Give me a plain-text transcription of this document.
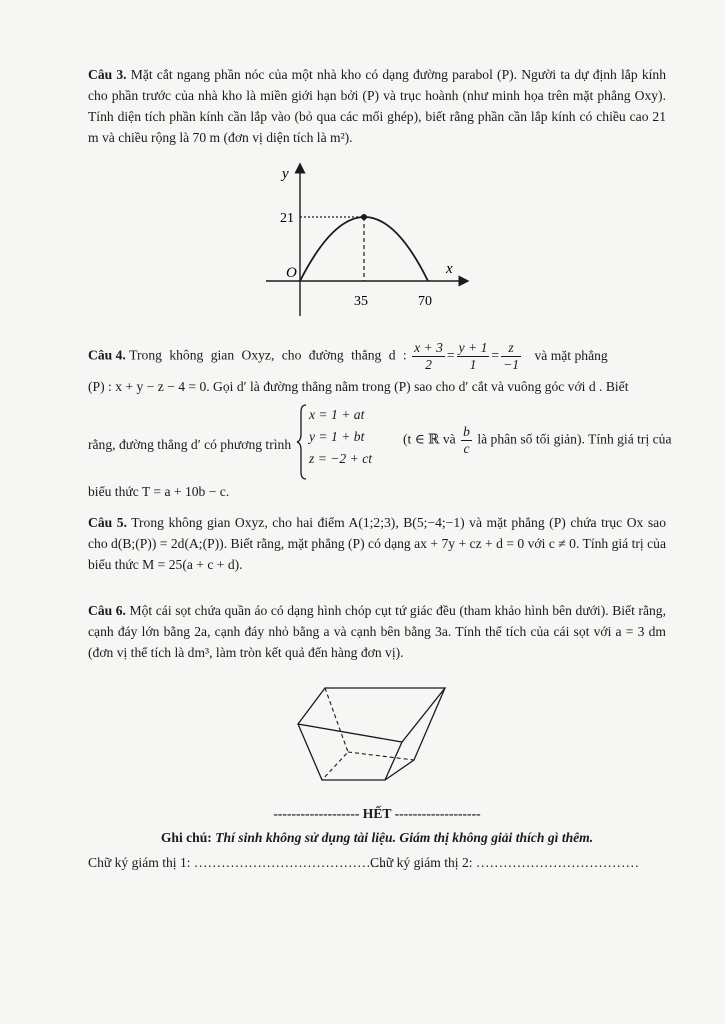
Câu 3. Mặt cắt ngang phần nóc của một nhà kho có dạng đường parabol (P). Người ta dự định lắp kính cho phần trước của nhà kho là miền giới hạn bởi (P) và trục hoành (như minh họa trên mặt phẳng Oxy). Tính diện tích phần kính cần lắp vào (bỏ qua các mối ghép), biết rằng phần cần lắp kính có chiều cao 21 m và chiều rộng là 70 m (đơn vị diện tích là m²).
y
x
O
21
35	70
Câu 4. Trong không gian Oxyz, cho đường thẳng d : $\frac{x + 3}{2} = \frac{y + 1}{1} = \frac{z}{-1}$ và mặt phẳng
(P) : x + y − z − 4 = 0. Gọi d′ là đường thẳng nằm trong (P) sao cho d′ cắt và vuông góc với d . Biết
rằng, đường thẳng d′ có phương trình
x = 1 + at
y = 1 + bt
z = −2 + ct
(t ∈ ℝ và $\frac{b}{c}$ là phân số tối giản). Tính giá trị của
biểu thức T = a + 10b − c.
Câu 5. Trong không gian Oxyz, cho hai điểm A(1;2;3), B(5;−4;−1) và mặt phẳng (P) chứa trục Ox sao cho d(B;(P)) = 2d(A;(P)). Biết rằng, mặt phẳng (P) có dạng ax + 7y + cz + d = 0 với c ≠ 0. Tính giá trị của biểu thức M = 25(a + c + d).
Câu 6. Một cái sọt chứa quần áo có dạng hình chóp cụt tứ giác đều (tham khảo hình bên dưới). Biết rằng, cạnh đáy lớn bằng 2a, cạnh đáy nhỏ bằng a và cạnh bên bằng 3a. Tính thể tích của cái sọt với a = 3 dm (đơn vị thể tích là dm³, làm tròn kết quả đến hàng đơn vị).
------------------- HẾT -------------------
Ghi chú: Thí sinh không sử dụng tài liệu. Giám thị không giải thích gì thêm.
Chữ ký giám thị 1: ……………………………………
Chữ ký giám thị 2: ………………………………
